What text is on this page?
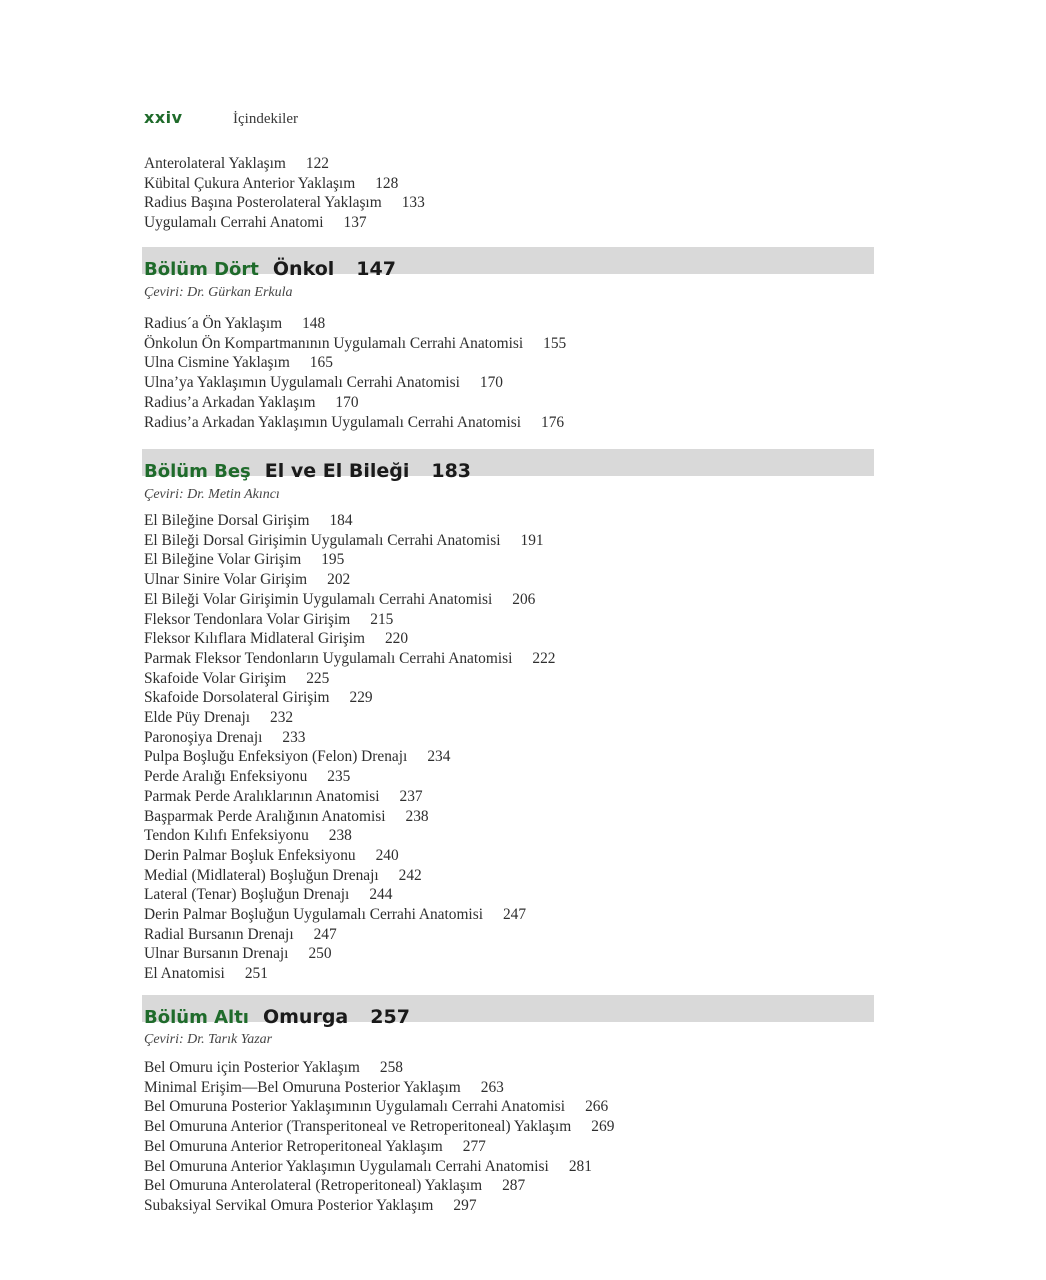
xxiv	İçindekiler
Anterolateral Yaklaşım 122
Kübital Çukura Anterior Yaklaşım 128
Radius Başına Posterolateral Yaklaşım 133
Uygulamalı Cerrahi Anatomi 137
Bölüm Dört Önkol 147
Çeviri: Dr. Gürkan Erkula
Radius´a Ön Yaklaşım 148
Önkolun Ön Kompartmanının Uygulamalı Cerrahi Anatomisi 155
Ulna Cismine Yaklaşım 165
Ulna’ya Yaklaşımın Uygulamalı Cerrahi Anatomisi 170
Radius’a Arkadan Yaklaşım 170
Radius’a Arkadan Yaklaşımın Uygulamalı Cerrahi Anatomisi 176
Bölüm Beş El ve El Bileği 183
Çeviri: Dr. Metin Akıncı
El Bileğine Dorsal Girişim 184
El Bileği Dorsal Girişimin Uygulamalı Cerrahi Anatomisi 191
El Bileğine Volar Girişim 195
Ulnar Sinire Volar Girişim 202
El Bileği Volar Girişimin Uygulamalı Cerrahi Anatomisi 206
Fleksor Tendonlara Volar Girişim 215
Fleksor Kılıflara Midlateral Girişim 220
Parmak Fleksor Tendonların Uygulamalı Cerrahi Anatomisi 222
Skafoide Volar Girişim 225
Skafoide Dorsolateral Girişim 229
Elde Püy Drenajı 232
Paronoşiya Drenajı 233
Pulpa Boşluğu Enfeksiyon (Felon) Drenajı 234
Perde Aralığı Enfeksiyonu 235
Parmak Perde Aralıklarının Anatomisi 237
Başparmak Perde Aralığının Anatomisi 238
Tendon Kılıfı Enfeksiyonu 238
Derin Palmar Boşluk Enfeksiyonu 240
Medial (Midlateral) Boşluğun Drenajı 242
Lateral (Tenar) Boşluğun Drenajı 244
Derin Palmar Boşluğun Uygulamalı Cerrahi Anatomisi 247
Radial Bursanın Drenajı 247
Ulnar Bursanın Drenajı 250
El Anatomisi 251
Bölüm Altı Omurga 257
Çeviri: Dr. Tarık Yazar
Bel Omuru için Posterior Yaklaşım 258
Minimal Erişim—Bel Omuruna Posterior Yaklaşım 263
Bel Omuruna Posterior Yaklaşımının Uygulamalı Cerrahi Anatomisi 266
Bel Omuruna Anterior (Transperitoneal ve Retroperitoneal) Yaklaşım 269
Bel Omuruna Anterior Retroperitoneal Yaklaşım 277
Bel Omuruna Anterior Yaklaşımın Uygulamalı Cerrahi Anatomisi 281
Bel Omuruna Anterolateral (Retroperitoneal) Yaklaşım 287
Subaksiyal Servikal Omura Posterior Yaklaşım 297
